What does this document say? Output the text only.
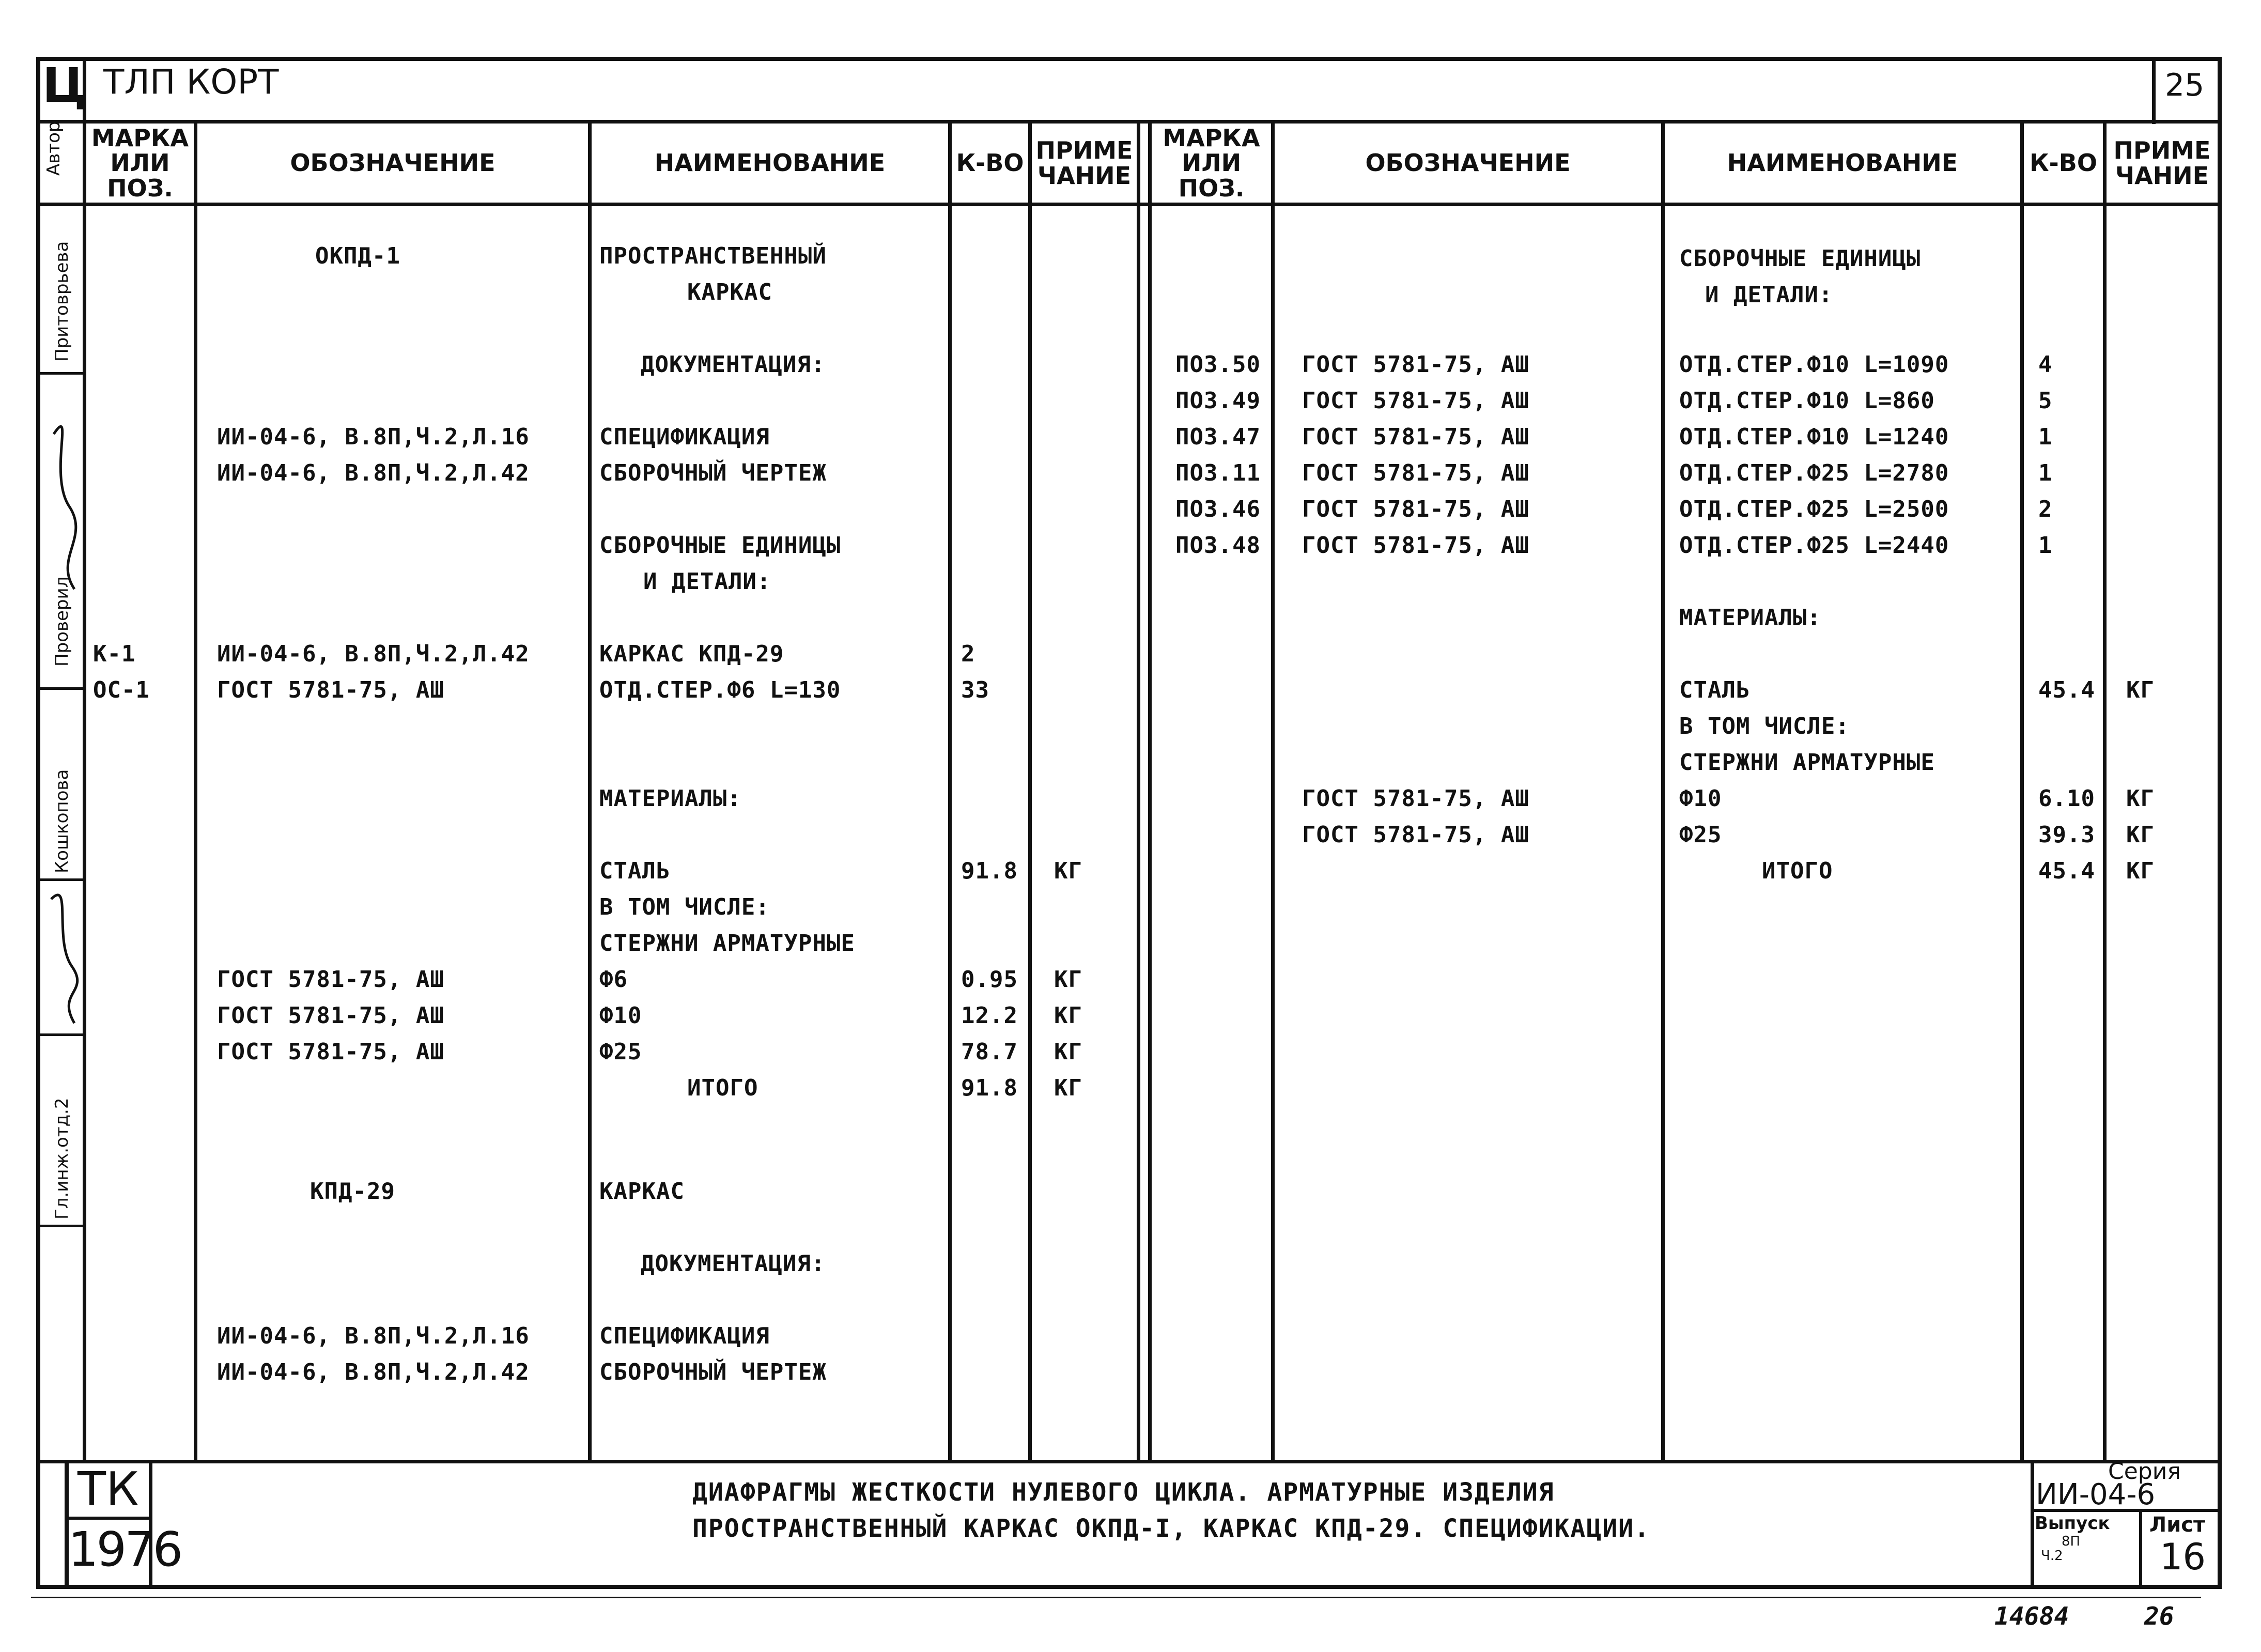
Ц ТЛП КОРТ	25
МАРКА
ИЛИ
ПОЗ.
ОБОЗНАЧЕНИЕ	НАИМЕНОВАНИЕ	К-ВО ПРИМЕ
ЧАНИЕ
МАРКА
ИЛИ
ПОЗ.
ОБОЗНАЧЕНИЕ	НАИМЕНОВАНИЕ	К-ВО ПРИМЕ
ЧАНИЕ
Автор
Притоврьева
Проверил
Кошкопова
Гл.инж.отд.2
ОКПД-1	ПРОСТРАНСТВЕННЫЙ
КАРКАС
ДОКУМЕНТАЦИЯ:
ИИ-04-6, В.8П,Ч.2,Л.16	СПЕЦИФИКАЦИЯ
ИИ-04-6, В.8П,Ч.2,Л.42	СБОРОЧНЫЙ ЧЕРТЕЖ
СБОРОЧНЫЕ ЕДИНИЦЫ
И ДЕТАЛИ:
К-1	ИИ-04-6, В.8П,Ч.2,Л.42	КАРКАС КПД-29	2
ОС-1	ГОСТ 5781-75, АШ	ОТД.СТЕР.Ф6 L=130	33
МАТЕРИАЛЫ:
СТАЛЬ	91.8 КГ
В ТОМ ЧИСЛЕ:
СТЕРЖНИ АРМАТУРНЫЕ
ГОСТ 5781-75, АШ	Ф6	0.95 КГ
ГОСТ 5781-75, АШ	Ф10	12.2 КГ
ГОСТ 5781-75, АШ	Ф25	78.7 КГ
ИТОГО	91.8 КГ
КПД-29	КАРКАС
ДОКУМЕНТАЦИЯ:
ИИ-04-6, В.8П,Ч.2,Л.16	СПЕЦИФИКАЦИЯ
ИИ-04-6, В.8П,Ч.2,Л.42	СБОРОЧНЫЙ ЧЕРТЕЖ
СБОРОЧНЫЕ ЕДИНИЦЫ
И ДЕТАЛИ:
ПОЗ.50 ГОСТ 5781-75, АШ	ОТД.СТЕР.Ф10 L=1090	4
ПОЗ.49 ГОСТ 5781-75, АШ	ОТД.СТЕР.Ф10 L=860	5
ПОЗ.47 ГОСТ 5781-75, АШ	ОТД.СТЕР.Ф10 L=1240	1
ПОЗ.11 ГОСТ 5781-75, АШ	ОТД.СТЕР.Ф25 L=2780	1
ПОЗ.46 ГОСТ 5781-75, АШ	ОТД.СТЕР.Ф25 L=2500	2
ПОЗ.48 ГОСТ 5781-75, АШ	ОТД.СТЕР.Ф25 L=2440	1
МАТЕРИАЛЫ:
СТАЛЬ	45.4 КГ
В ТОМ ЧИСЛЕ:
СТЕРЖНИ АРМАТУРНЫЕ
ГОСТ 5781-75, АШ	Ф10	6.10 КГ
ГОСТ 5781-75, АШ	Ф25	39.3 КГ
ИТОГО	45.4 КГ
ТК
1976
ДИАФРАГМЫ ЖЕСТКОСТИ НУЛЕВОГО ЦИКЛА. АРМАТУРНЫЕ ИЗДЕЛИЯ
ПРОСТРАНСТВЕННЫЙ КАРКАС ОКПД-I, КАРКАС КПД-29. СПЕЦИФИКАЦИИ.
Серия
ИИ-04-6
Выпуск
8П
Ч.2
Лист
16
14684	26
